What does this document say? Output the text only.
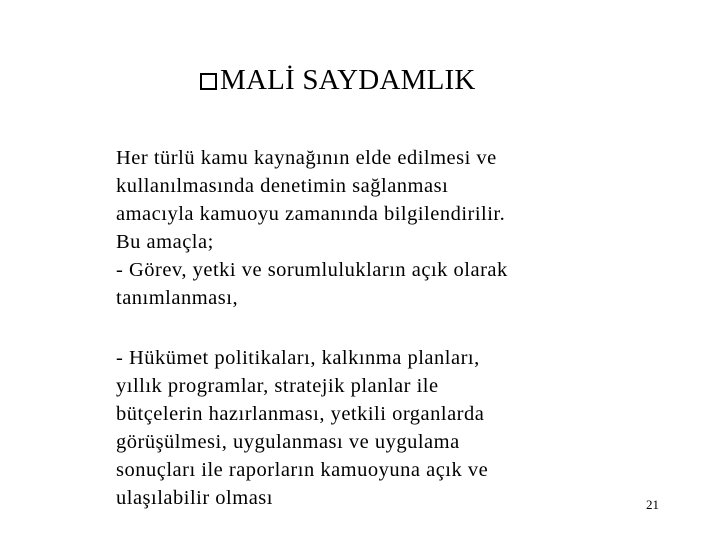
MALİ SAYDAMLIK
Her türlü kamu kaynağının elde edilmesi ve
kullanılmasında denetimin sağlanması
amacıyla kamuoyu zamanında bilgilendirilir.
Bu amaçla;
- Görev, yetki ve sorumlulukların açık olarak
tanımlanması,
- Hükümet politikaları, kalkınma planları,
yıllık programlar, stratejik planlar ile
bütçelerin hazırlanması, yetkili organlarda
görüşülmesi, uygulanması ve uygulama
sonuçları ile raporların kamuoyuna açık ve
ulaşılabilir olması	21
